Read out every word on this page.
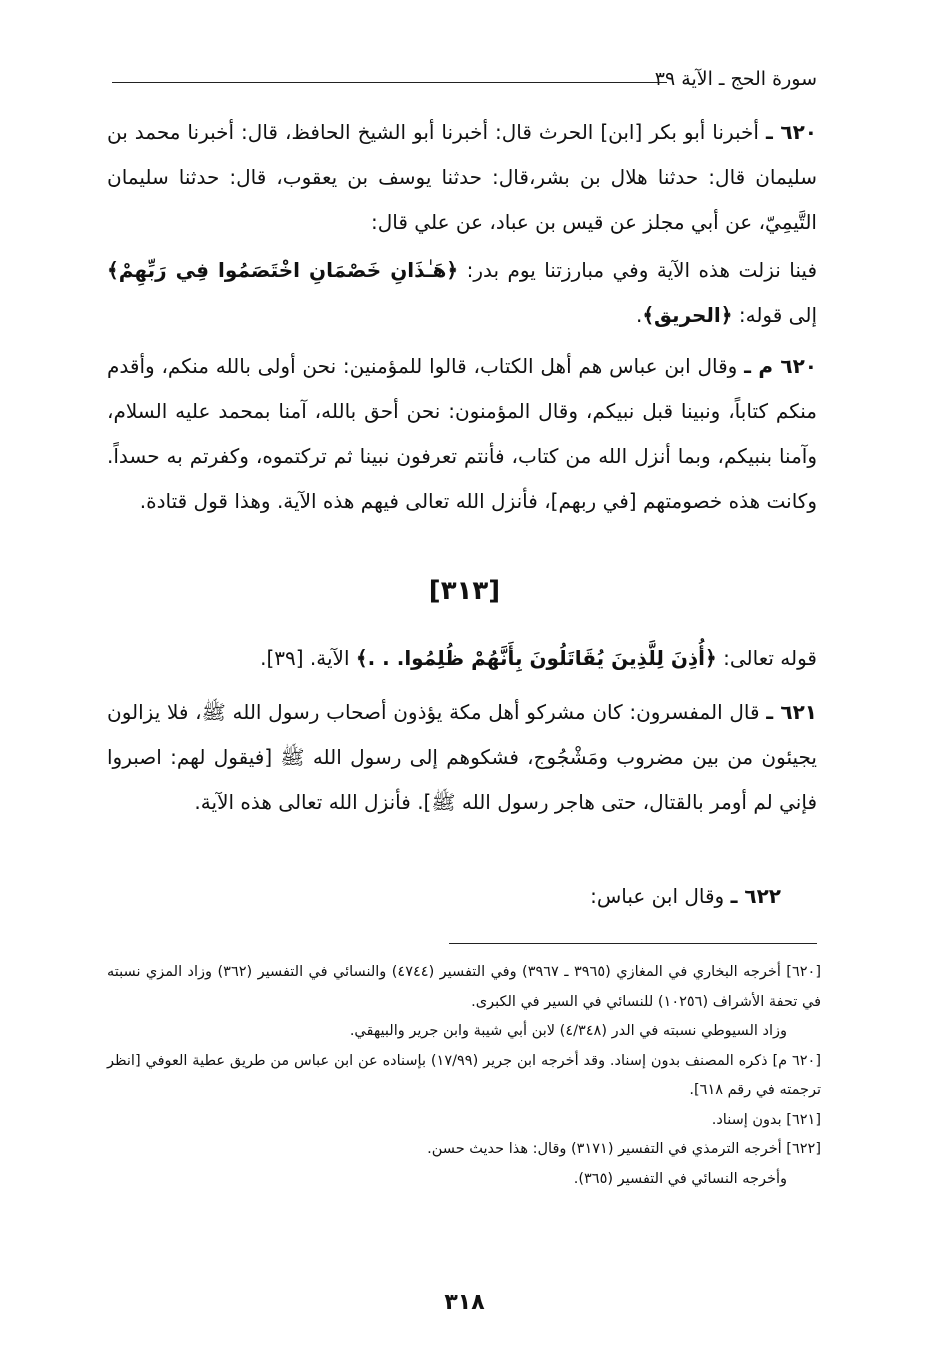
سورة الحج ـ الآية ٣٩

٦٢٠ ـ أخبرنا أبو بكر [ابن] الحرث قال: أخبرنا أبو الشيخ الحافظ، قال: أخبرنا محمد بن سليمان قال: حدثنا هلال بن بشر،قال: حدثنا يوسف بن يعقوب، قال: حدثنا سليمان التَّيمِيّ، عن أبي مجلز عن قيس بن عباد، عن علي قال:

فينا نزلت هذه الآية وفي مبارزتنا يوم بدر: ﴿هَـٰذَانِ خَصْمَانِ اخْتَصَمُوا فِي رَبِّهِمْ﴾ إلى قوله: ﴿الحريق﴾.

٦٢٠ م ـ وقال ابن عباس هم أهل الكتاب، قالوا للمؤمنين: نحن أولى بالله منكم، وأقدم منكم كتاباً، ونبينا قبل نبيكم، وقال المؤمنون: نحن أحق بالله، آمنا بمحمد عليه السلام، وآمنا بنبيكم، وبما أنزل الله من كتاب، فأنتم تعرفون نبينا ثم تركتموه، وكفرتم به حسداً. وكانت هذه خصومتهم [في ربهم]، فأنزل الله تعالى فيهم هذه الآية. وهذا قول قتادة.

[٣١٣]

قوله تعالى: ﴿أُذِنَ لِلَّذِينَ يُقَاتَلُونَ بِأَنَّهُمْ ظُلِمُوا. . .﴾ الآية. [٣٩].

٦٢١ ـ قال المفسرون: كان مشركو أهل مكة يؤذون أصحاب رسول الله ﷺ، فلا يزالون يجيئون من بين مضروب ومَشْجُوج، فشكوهم إلى رسول الله ﷺ [فيقول لهم: اصبروا فإني لم أومر بالقتال، حتى هاجر رسول الله ﷺ]. فأنزل الله تعالى هذه الآية.

٦٢٢ ـ وقال ابن عباس:

[٦٢٠] أخرجه البخاري في المغازي (٣٩٦٥ ـ ٣٩٦٧) وفي التفسير (٤٧٤٤) والنسائي في التفسير (٣٦٢) وزاد المزي نسبته في تحفة الأشراف (١٠٢٥٦) للنسائي في السير في الكبرى.

وزاد السيوطي نسبته في الدر (٤/٣٤٨) لابن أبي شيبة وابن جرير والبيهقي.

[٦٢٠ م] ذكره المصنف بدون إسناد. وقد أخرجه ابن جرير (١٧/٩٩) بإسناده عن ابن عباس من طريق عطية العوفي [انظر ترجمته في رقم ٦١٨].

[٦٢١] بدون إسناد.

[٦٢٢] أخرجه الترمذي في التفسير (٣١٧١) وقال: هذا حديث حسن.

وأخرجه النسائي في التفسير (٣٦٥).

٣١٨
